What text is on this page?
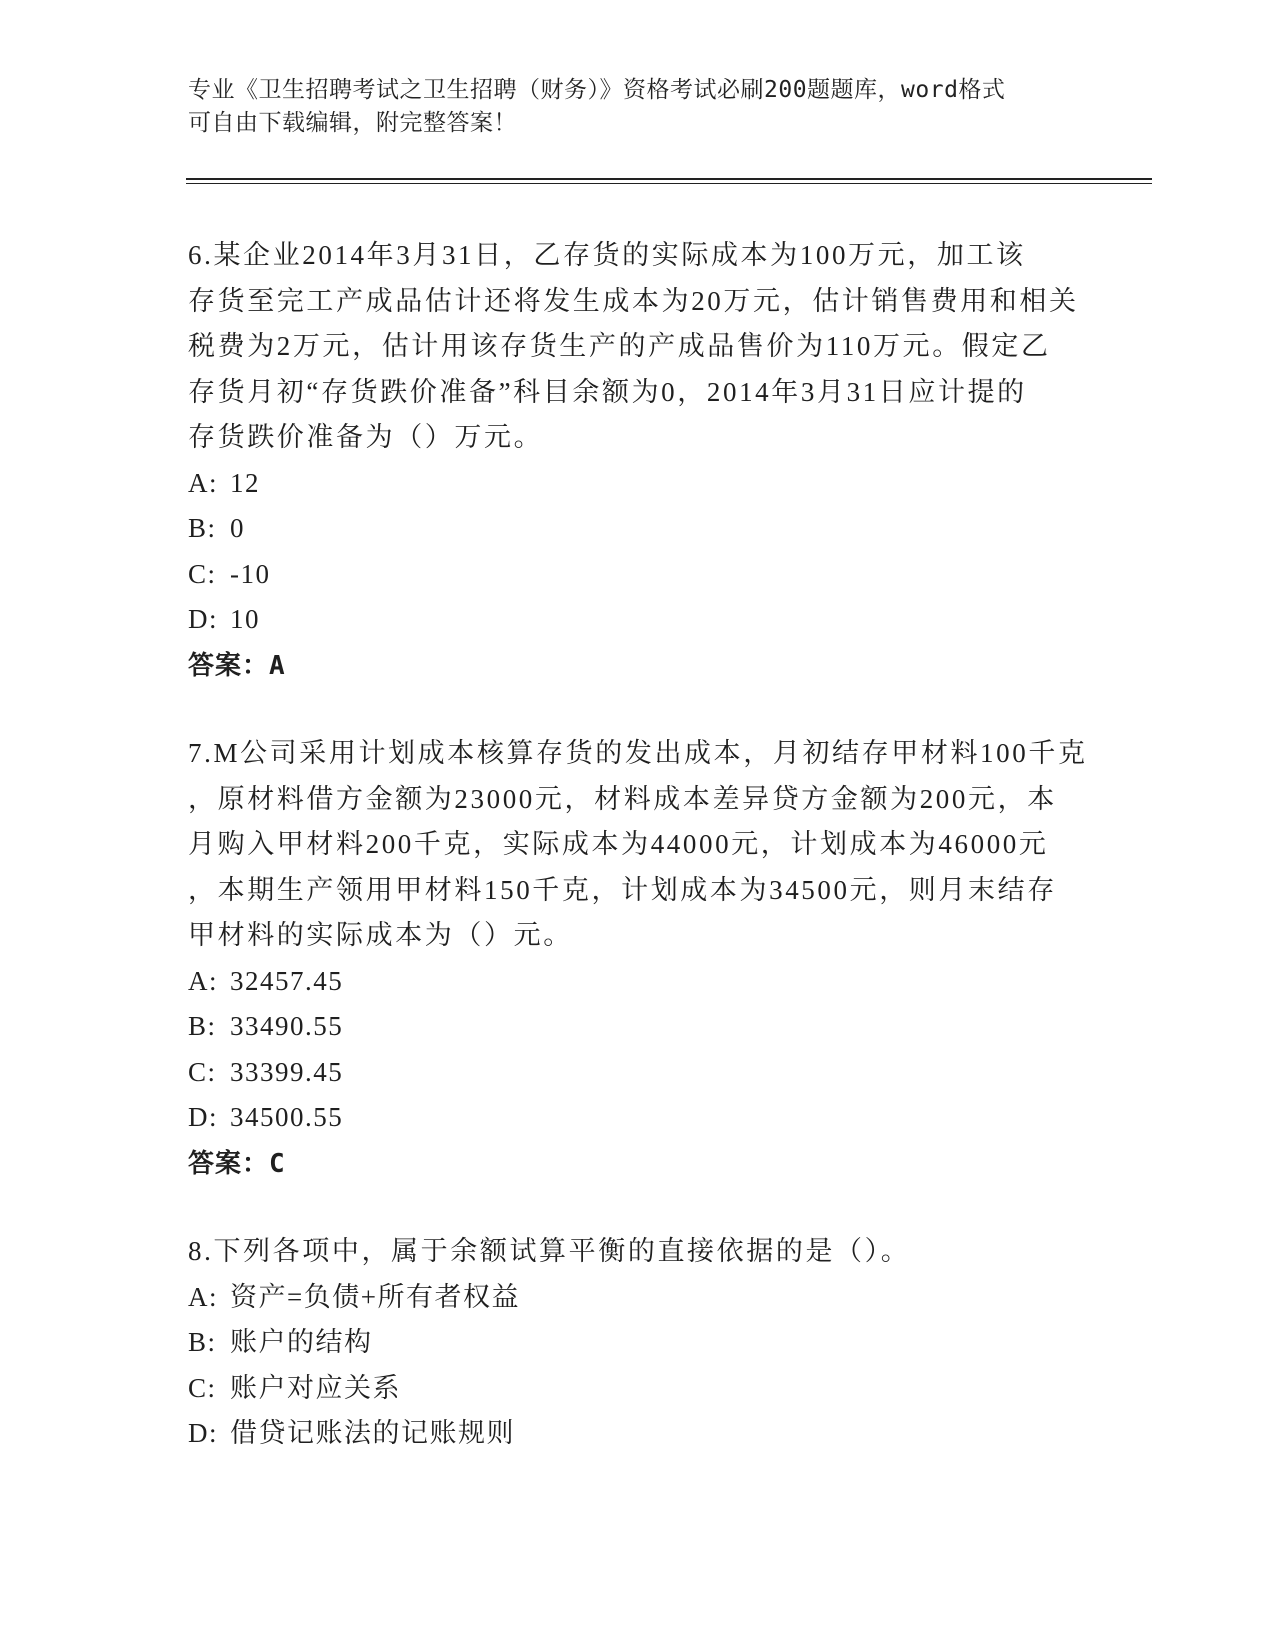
专业《卫生招聘考试之卫生招聘（财务）》资格考试必刷200题题库，word格式
可自由下载编辑，附完整答案！
6.某企业2014年3月31日，乙存货的实际成本为100万元，加工该
存货至完工产成品估计还将发生成本为20万元，估计销售费用和相关
税费为2万元，估计用该存货生产的产成品售价为110万元。假定乙
存货月初“存货跌价准备”科目余额为0，2014年3月31日应计提的
存货跌价准备为（）万元。
A: 12
B: 0
C: -10
D: 10
答案：A
7.M公司采用计划成本核算存货的发出成本，月初结存甲材料100千克
，原材料借方金额为23000元，材料成本差异贷方金额为200元，本
月购入甲材料200千克，实际成本为44000元，计划成本为46000元
，本期生产领用甲材料150千克，计划成本为34500元，则月末结存
甲材料的实际成本为（）元。
A: 32457.45
B: 33490.55
C: 33399.45
D: 34500.55
答案：C
8.下列各项中，属于余额试算平衡的直接依据的是（）。
A: 资产=负债+所有者权益
B: 账户的结构
C: 账户对应关系
D: 借贷记账法的记账规则
